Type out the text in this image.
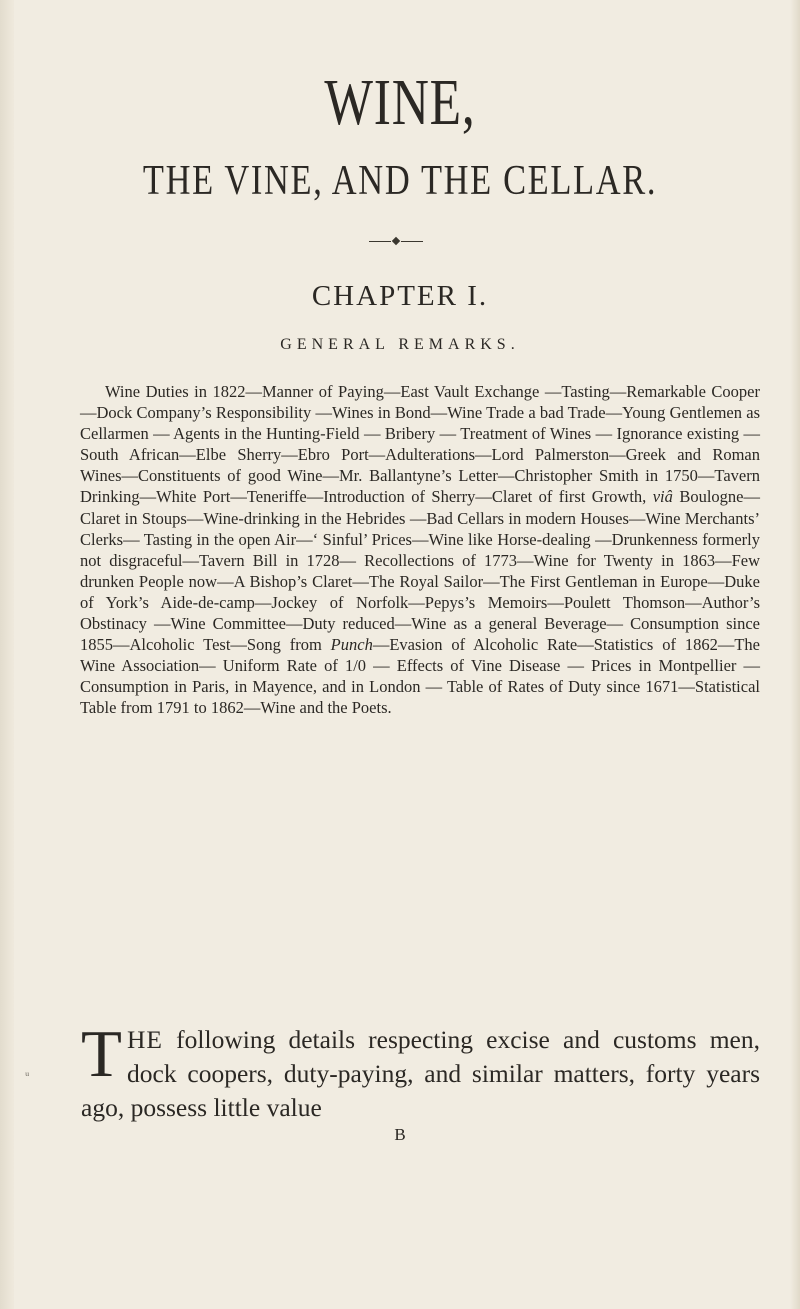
WINE,
THE VINE, AND THE CELLAR.
CHAPTER I.
GENERAL REMARKS.

Wine Duties in 1822—Manner of Paying—East Vault Exchange —Tasting—Remarkable Cooper—Dock Company’s Responsibility —Wines in Bond—Wine Trade a bad Trade—Young Gentlemen as Cellarmen — Agents in the Hunting-Field — Bribery — Treatment of Wines — Ignorance existing — South African—Elbe Sherry—Ebro Port—Adulterations—Lord Palmerston—Greek and Roman Wines—Constituents of good Wine—Mr. Ballantyne’s Letter—Christopher Smith in 1750—Tavern Drinking—White Port—Teneriffe—Introduction of Sherry—Claret of first Growth, viâ Boulogne—Claret in Stoups—Wine-drinking in the Hebrides —Bad Cellars in modern Houses—Wine Merchants’ Clerks— Tasting in the open Air—‘ Sinful’ Prices—Wine like Horse-dealing —Drunkenness formerly not disgraceful—Tavern Bill in 1728— Recollections of 1773—Wine for Twenty in 1863—Few drunken People now—A Bishop’s Claret—The Royal Sailor—The First Gentleman in Europe—Duke of York’s Aide-de-camp—Jockey of Norfolk—Pepys’s Memoirs—Poulett Thomson—Author’s Obstinacy —Wine Committee—Duty reduced—Wine as a general Beverage— Consumption since 1855—Alcoholic Test—Song from Punch—Evasion of Alcoholic Rate—Statistics of 1862—The Wine Association— Uniform Rate of 1/0 — Effects of Vine Disease — Prices in Montpellier — Consumption in Paris, in Mayence, and in London — Table of Rates of Duty since 1671—Statistical Table from 1791 to 1862—Wine and the Poets.

THE following details respecting excise and customs men, dock coopers, duty-paying, and similar matters, forty years ago, possess little value

ᵤ
B
